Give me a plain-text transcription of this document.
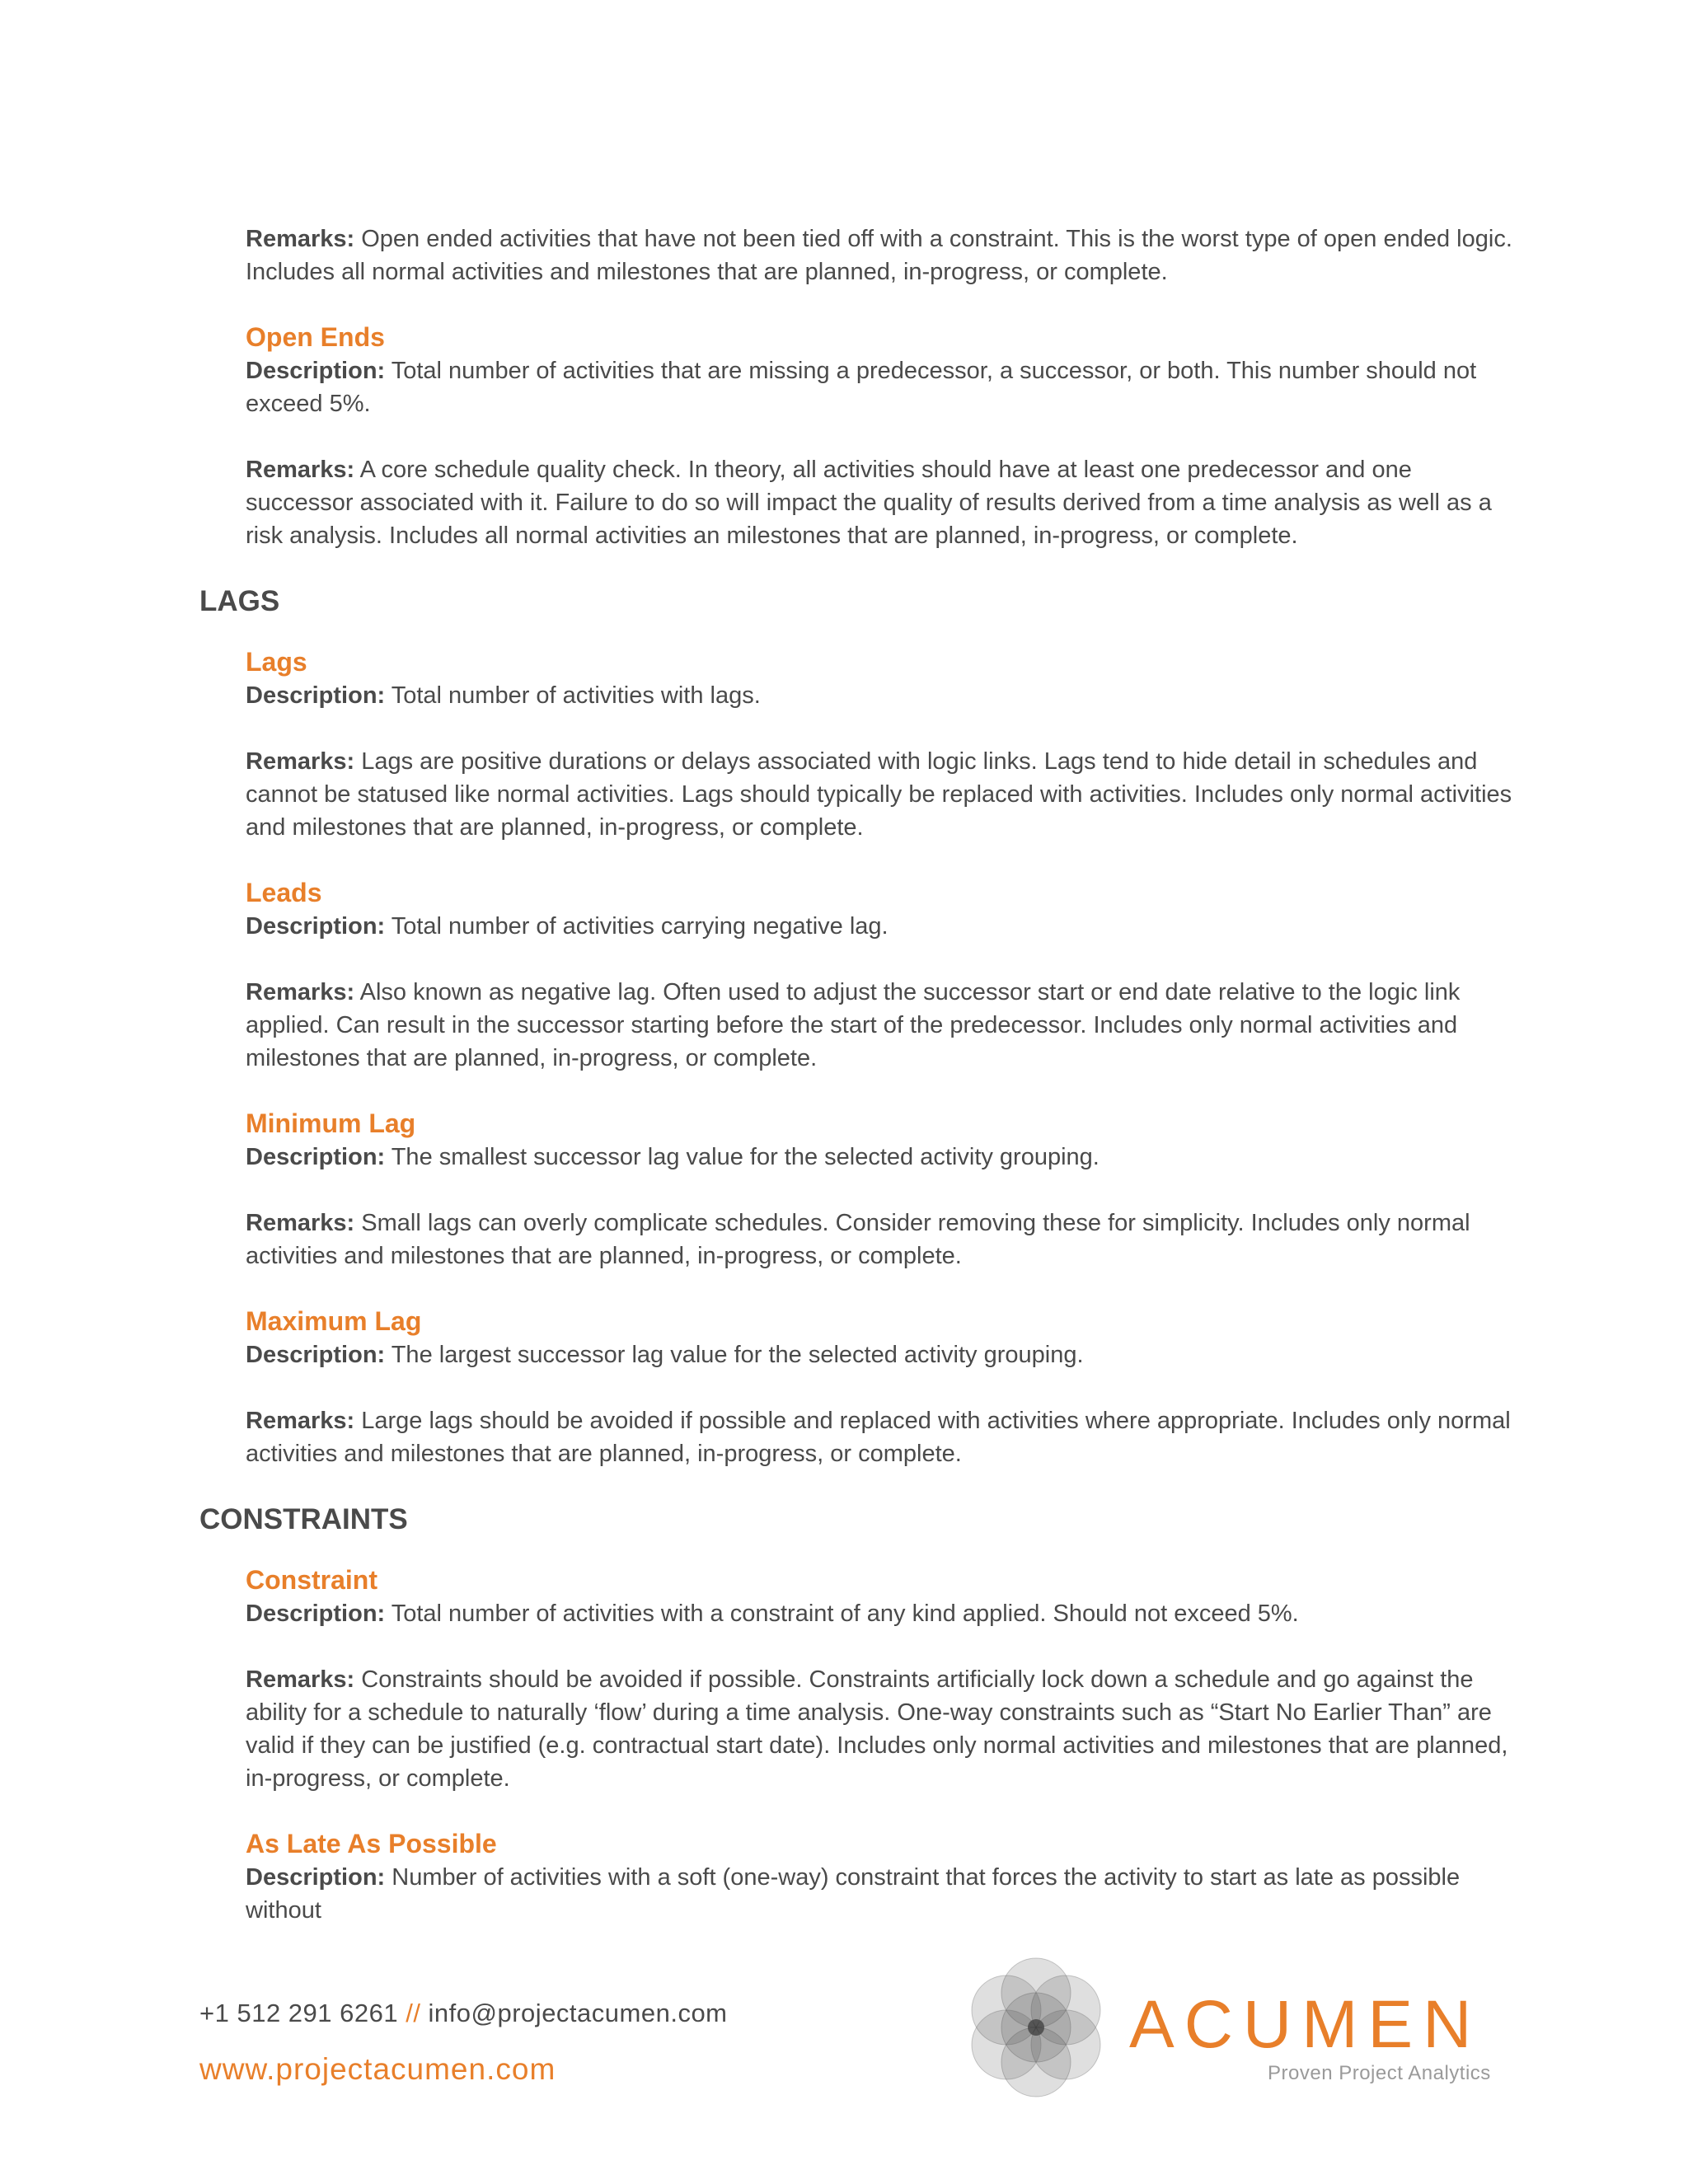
Remarks: Open ended activities that have not been tied off with a constraint. This is the worst type of open ended logic. Includes all normal activities and milestones that are planned, in-progress, or complete.

Open Ends

Description: Total number of activities that are missing a predecessor, a successor, or both. This number should not exceed 5%.

Remarks: A core schedule quality check. In theory, all activities should have at least one predecessor and one successor associated with it. Failure to do so will impact the quality of results derived from a time analysis as well as a risk analysis. Includes all normal activities an milestones that are planned, in-progress, or complete.

LAGS
Lags

Description: Total number of activities with lags.

Remarks: Lags are positive durations or delays associated with logic links. Lags tend to hide detail in schedules and cannot be statused like normal activities. Lags should typically be replaced with activities. Includes only normal activities and milestones that are planned, in-progress, or complete.

Leads

Description: Total number of activities carrying negative lag.

Remarks: Also known as negative lag. Often used to adjust the successor start or end date relative to the logic link applied. Can result in the successor starting before the start of the predecessor. Includes only normal activities and milestones that are planned, in-progress, or complete.

Minimum Lag

Description: The smallest successor lag value for the selected activity grouping.

Remarks: Small lags can overly complicate schedules. Consider removing these for simplicity. Includes only normal activities and milestones that are planned, in-progress, or complete.

Maximum Lag

Description: The largest successor lag value for the selected activity grouping.

Remarks: Large lags should be avoided if possible and replaced with activities where appropriate. Includes only normal activities and milestones that are planned, in-progress, or complete.

CONSTRAINTS
Constraint

Description: Total number of activities with a constraint of any kind applied. Should not exceed 5%.

Remarks: Constraints should be avoided if possible. Constraints artificially lock down a schedule and go against the ability for a schedule to naturally ‘flow’ during a time analysis. One-way constraints such as “Start No Earlier Than” are valid if they can be justified (e.g. contractual start date). Includes only normal activities and milestones that are planned, in-progress, or complete.

As Late As Possible

Description: Number of activities with a soft (one-way) constraint that forces the activity to start as late as possible without

+1 512 291 6261 // info@projectacumen.com
www.projectacumen.com
ACUMEN
Proven Project Analytics
